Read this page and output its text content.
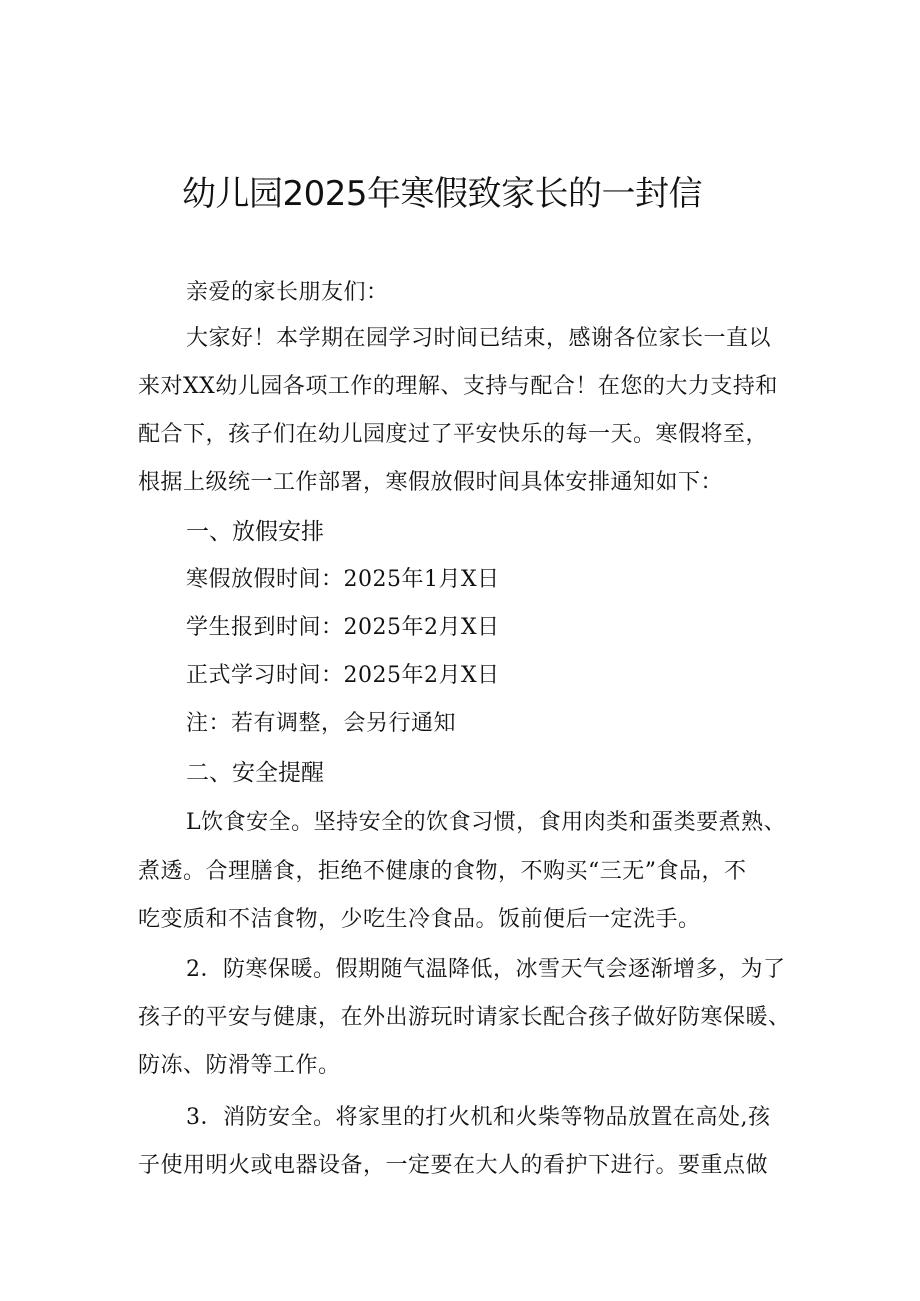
幼儿园2025年寒假致家长的一封信
亲爱的家长朋友们：
大家好！本学期在园学习时间已结束，感谢各位家长一直以
来对XX幼儿园各项工作的理解、支持与配合！在您的大力支持和
配合下，孩子们在幼儿园度过了平安快乐的每一天。寒假将至，
根据上级统一工作部署，寒假放假时间具体安排通知如下：
一、放假安排
寒假放假时间：2025年1月X日
学生报到时间：2025年2月X日
正式学习时间：2025年2月X日
注：若有调整，会另行通知
二、安全提醒
L饮食安全。坚持安全的饮食习惯，食用肉类和蛋类要煮熟、
煮透。合理膳食，拒绝不健康的食物，不购买“三无”食品，不
吃变质和不洁食物，少吃生冷食品。饭前便后一定洗手。
2．防寒保暖。假期随气温降低，冰雪天气会逐渐增多，为了
孩子的平安与健康，在外出游玩时请家长配合孩子做好防寒保暖、
防冻、防滑等工作。
3．消防安全。将家里的打火机和火柴等物品放置在高处,孩
子使用明火或电器设备，一定要在大人的看护下进行。要重点做
